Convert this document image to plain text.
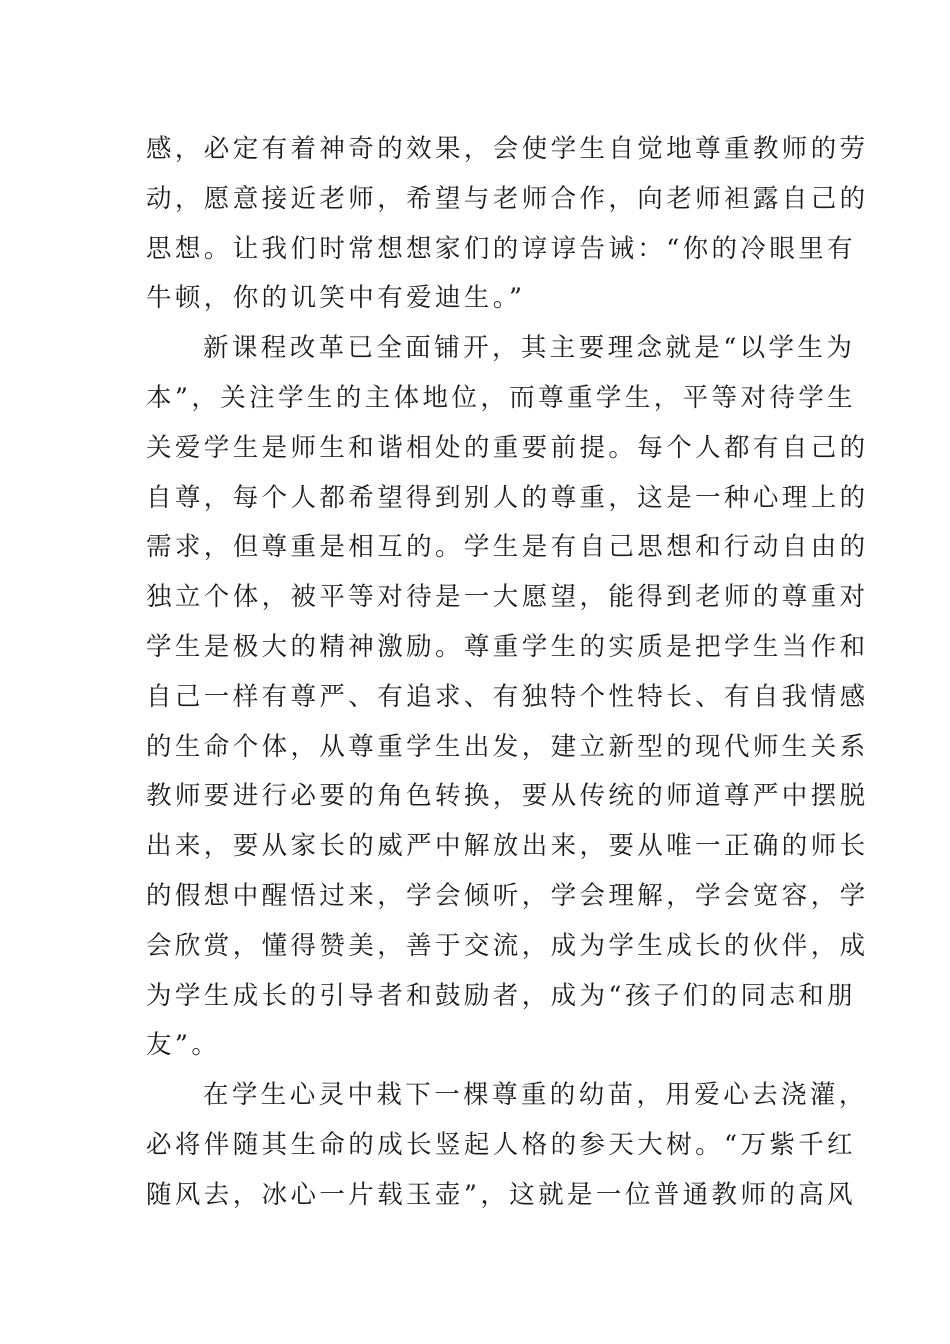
感，必定有着神奇的效果，会使学生自觉地尊重教师的劳
动，愿意接近老师，希望与老师合作，向老师袒露自己的
思想。让我们时常想想家们的谆谆告诫：“你的冷眼里有
牛顿，你的讥笑中有爱迪生。”
新课程改革已全面铺开，其主要理念就是“以学生为
本”，关注学生的主体地位，而尊重学生，平等对待学生
关爱学生是师生和谐相处的重要前提。每个人都有自己的
自尊，每个人都希望得到别人的尊重，这是一种心理上的
需求，但尊重是相互的。学生是有自己思想和行动自由的
独立个体，被平等对待是一大愿望，能得到老师的尊重对
学生是极大的精神激励。尊重学生的实质是把学生当作和
自己一样有尊严、有追求、有独特个性特长、有自我情感
的生命个体，从尊重学生出发，建立新型的现代师生关系
教师要进行必要的角色转换，要从传统的师道尊严中摆脱
出来，要从家长的威严中解放出来，要从唯一正确的师长
的假想中醒悟过来，学会倾听，学会理解，学会宽容，学
会欣赏，懂得赞美，善于交流，成为学生成长的伙伴，成
为学生成长的引导者和鼓励者，成为“孩子们的同志和朋
友”。
在学生心灵中栽下一棵尊重的幼苗，用爱心去浇灌，
必将伴随其生命的成长竖起人格的参天大树。“万紫千红
随风去，冰心一片载玉壶”，这就是一位普通教师的高风
